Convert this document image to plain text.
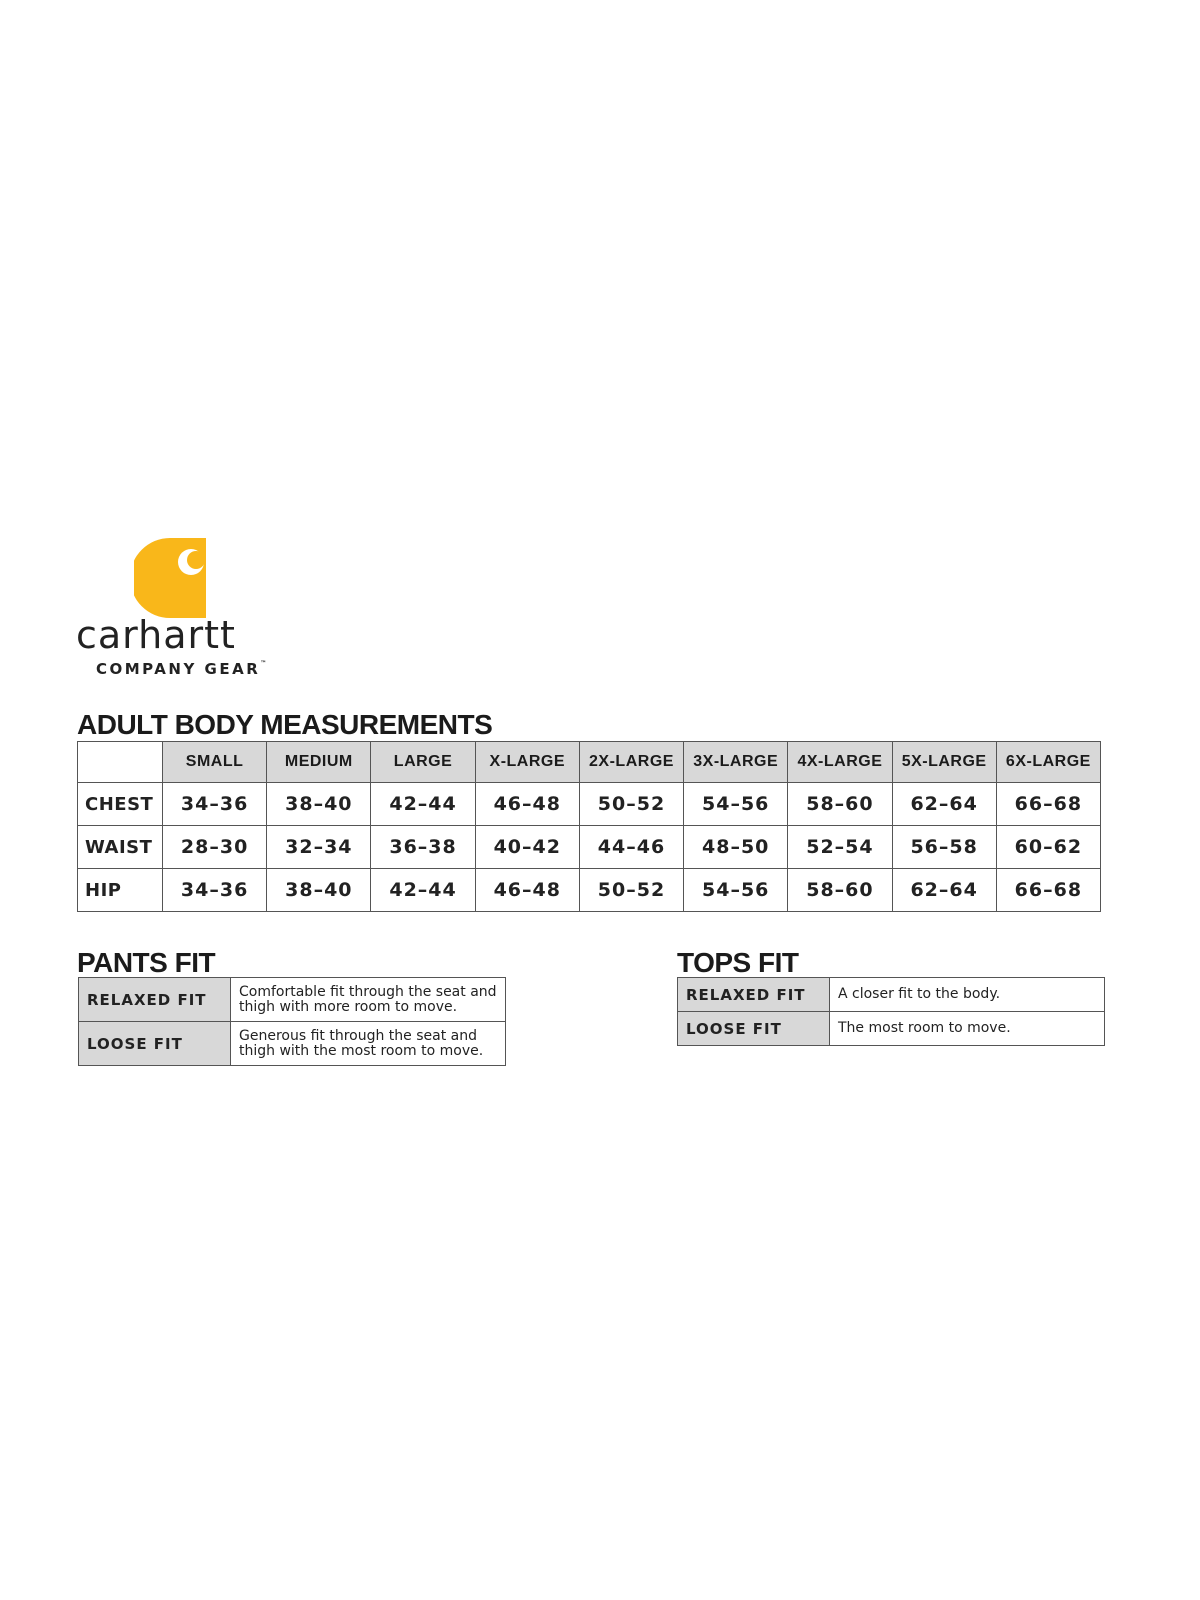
carhartt
COMPANY GEAR™
ADULT BODY MEASUREMENTS
	SMALL	MEDIUM	LARGE	X-LARGE	2X-LARGE	3X-LARGE	4X-LARGE	5X-LARGE	6X-LARGE
CHEST	34–36	38–40	42–44	46–48	50–52	54–56	58–60	62–64	66–68
WAIST	28–30	32–34	36–38	40–42	44–46	48–50	52–54	56–58	60–62
HIP	34–36	38–40	42–44	46–48	50–52	54–56	58–60	62–64	66–68
PANTS FIT
RELAXED FIT	Comfortable fit through the seat and thigh with more room to move.
LOOSE FIT	Generous fit through the seat and thigh with the most room to move.
TOPS FIT
RELAXED FIT	A closer fit to the body.
LOOSE FIT	The most room to move.
